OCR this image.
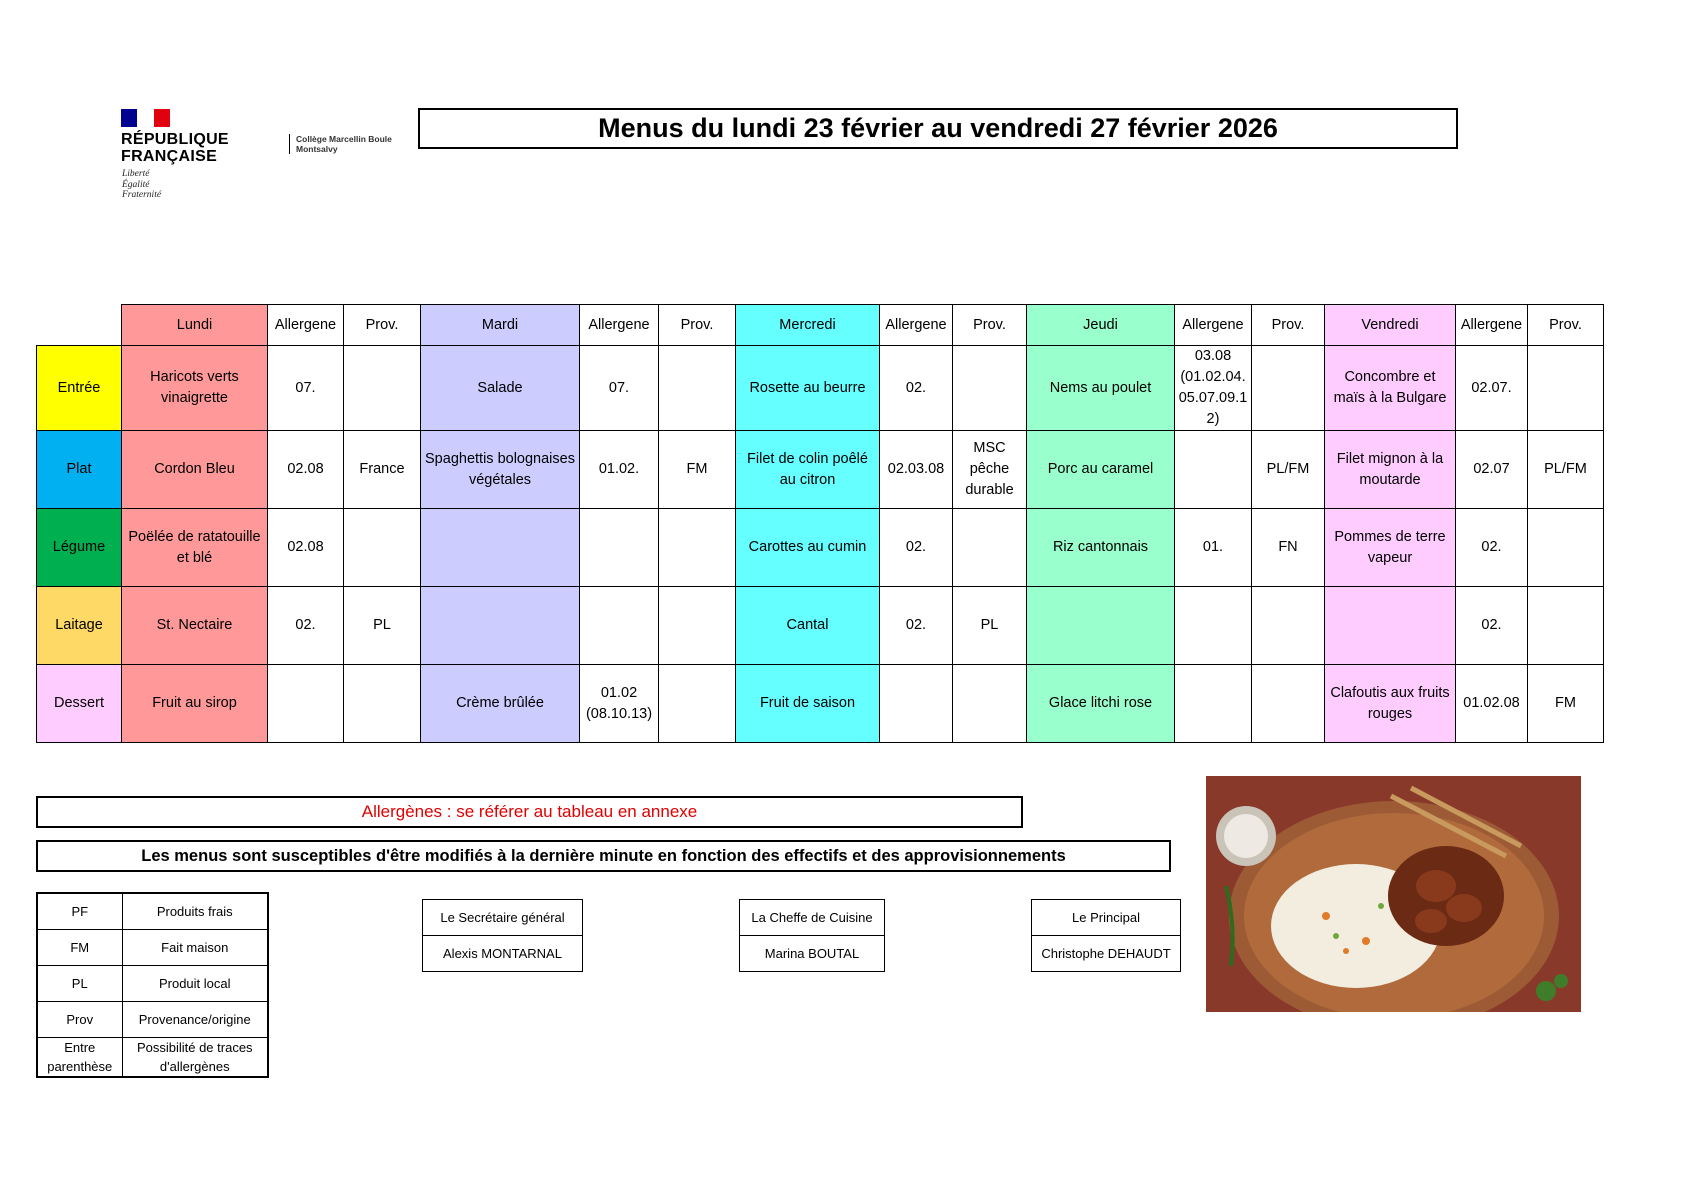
RÉPUBLIQUE
FRANÇAISE
Liberté
Égalité
Fraternité
Collège Marcellin Boule
Montsalvy
Menus du lundi 23 février au vendredi 27 février 2026
	Lundi	Allergene	Prov.	Mardi	Allergene	Prov.	Mercredi	Allergene	Prov.	Jeudi	Allergene	Prov.	Vendredi	Allergene	Prov.
Entrée	Haricots verts vinaigrette	07.		Salade	07.		Rosette au beurre	02.		Nems au poulet	03.08 (01.02.04. 05.07.09.1 2)		Concombre et maïs à la Bulgare	02.07.	
Plat	Cordon Bleu	02.08	France	Spaghettis bolognaises végétales	01.02.	FM	Filet de colin poêlé au citron	02.03.08	MSC pêche durable	Porc au caramel		PL/FM	Filet mignon à la moutarde	02.07	PL/FM
Légume	Poëlée de ratatouille et blé	02.08					Carottes au cumin	02.		Riz cantonnais	01.	FN	Pommes de terre vapeur	02.	
Laitage	St. Nectaire	02.	PL				Cantal	02.	PL					02.	
Dessert	Fruit au sirop			Crème brûlée	01.02 (08.10.13)		Fruit de saison			Glace litchi rose			Clafoutis aux fruits rouges	01.02.08	FM
Allergènes : se référer au tableau en annexe
Les menus sont susceptibles d'être modifiés à la dernière minute en fonction des effectifs et des approvisionnements
PF	Produits frais
FM	Fait maison
PL	Produit local
Prov	Provenance/origine
Entre parenthèse	Possibilité de traces d'allergènes
Le Secrétaire général
Alexis MONTARNAL
La Cheffe de Cuisine
Marina BOUTAL
Le Principal
Christophe DEHAUDT
